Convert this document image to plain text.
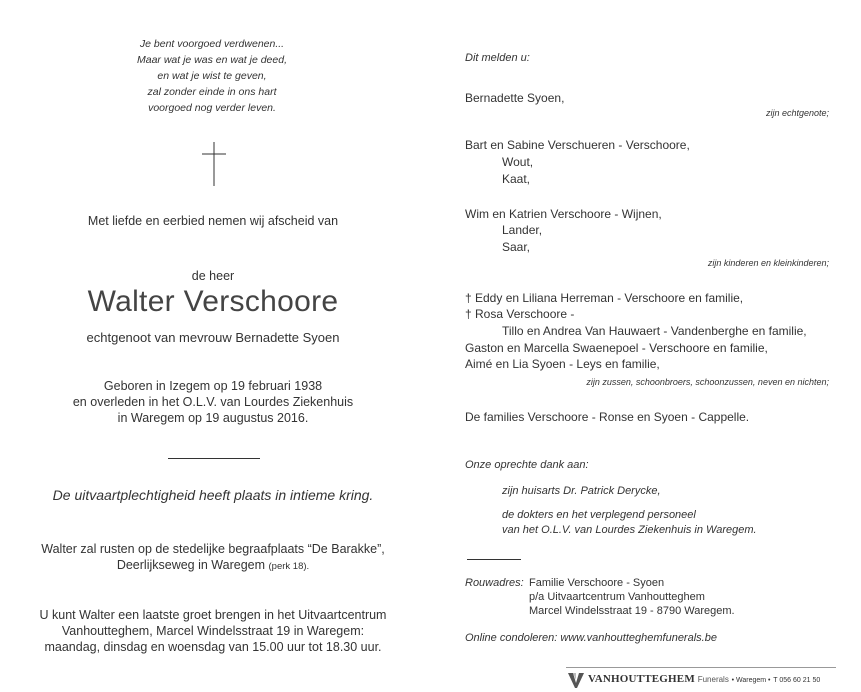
Je bent voorgoed verdwenen...
Maar wat je was en wat je deed,
en wat je wist te geven,
zal zonder einde in ons hart
voorgoed nog verder leven.
Met liefde en eerbied nemen wij afscheid van
de heer
Walter Verschoore
echtgenoot van mevrouw Bernadette Syoen
Geboren in Izegem op 19 februari 1938
en overleden in het O.L.V. van Lourdes Ziekenhuis
in Waregem op 19 augustus 2016.
De uitvaartplechtigheid heeft plaats in intieme kring.
Walter zal rusten op de stedelijke begraafplaats “De Barakke”,
Deerlijkseweg in Waregem (perk 18).
U kunt Walter een laatste groet brengen in het Uitvaartcentrum
Vanhoutteghem, Marcel Windelsstraat 19 in Waregem:
maandag, dinsdag en woensdag van 15.00 uur tot 18.30 uur.
Dit melden u:
Bernadette Syoen,
zijn echtgenote;
Bart en Sabine Verschueren - Verschoore,
Wout,
Kaat,
Wim en Katrien Verschoore - Wijnen,
Lander,
Saar,
zijn kinderen en kleinkinderen;
† Eddy en Liliana Herreman - Verschoore en familie,
† Rosa Verschoore -
Tillo en Andrea Van Hauwaert - Vandenberghe en familie,
Gaston en Marcella Swaenepoel - Verschoore en familie,
Aimé en Lia Syoen - Leys en familie,
zijn zussen, schoonbroers, schoonzussen, neven en nichten;
De families Verschoore - Ronse en Syoen - Cappelle.
Onze oprechte dank aan:
zijn huisarts Dr. Patrick Derycke,
de dokters en het verplegend personeel
van het O.L.V. van Lourdes Ziekenhuis in Waregem.
Rouwadres: Familie Verschoore - Syoen
p/a Uitvaartcentrum Vanhoutteghem
Marcel Windelsstraat 19 - 8790 Waregem.
Online condoleren: www.vanhoutteghemfunerals.be
VANHOUTTEGHEM Funerals • Waregem • T 056 60 21 50
